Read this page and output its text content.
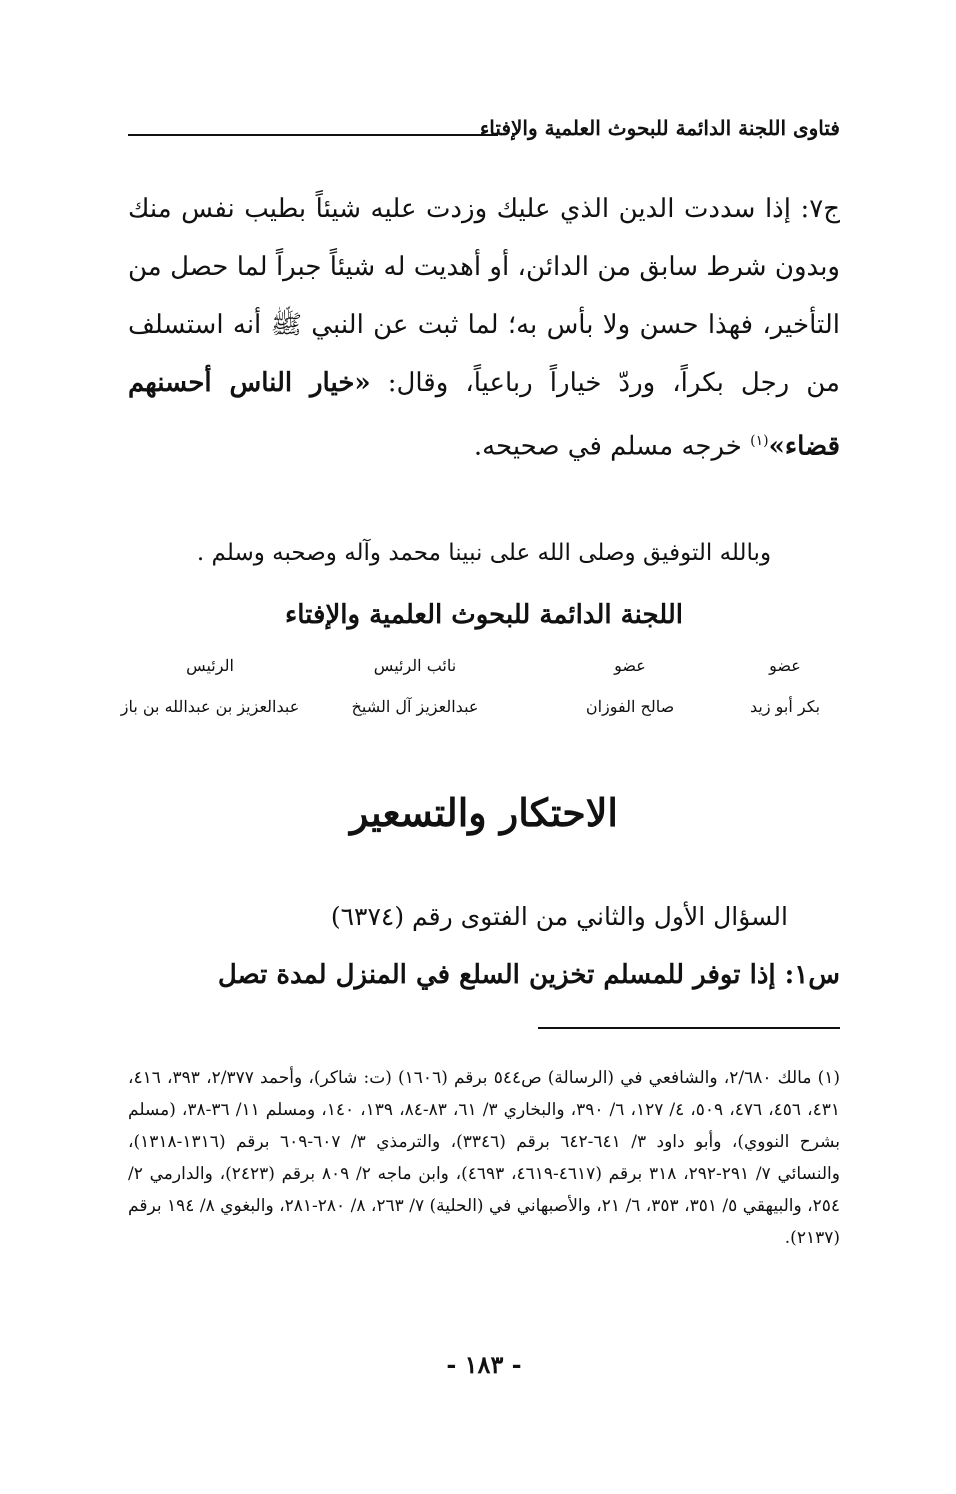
فتاوى اللجنة الدائمة للبحوث العلمية والإفتاء

ج٧: إذا سددت الدين الذي عليك وزدت عليه شيئاً بطيب نفس منك وبدون شرط سابق من الدائن، أو أهديت له شيئاً جبراً لما حصل من التأخير، فهذا حسن ولا بأس به؛ لما ثبت عن النبي ﷺ أنه استسلف من رجل بكراً، وردّ خياراً رباعياً، وقال: «خيار الناس أحسنهم قضاء»$^{(١)}$ خرجه مسلم في صحيحه.

وبالله التوفيق وصلى الله على نبينا محمد وآله وصحبه وسلم .
اللجنة الدائمة للبحوث العلمية والإفتاء
عضو
عضو
نائب الرئيس
الرئيس
بكر أبو زيد
صالح الفوزان
عبدالعزيز آل الشيخ
عبدالعزيز بن عبدالله بن باز
الاحتكار والتسعير
السؤال الأول والثاني من الفتوى رقم (٦٣٧٤)
س١: إذا توفر للمسلم تخزين السلع في المنزل لمدة تصل
(١) مالك ٢/٦٨٠، والشافعي في (الرسالة) ص٥٤٤ برقم (١٦٠٦) (ت: شاكر)، وأحمد ٢/٣٧٧، ٣٩٣، ٤١٦، ٤٣١، ٤٥٦، ٤٧٦، ٥٠٩، ٤/ ١٢٧، ٦/ ٣٩٠، والبخاري ٣/ ٦١، ٨٣-٨٤، ١٣٩، ١٤٠، ومسلم ١١/ ٣٦-٣٨، (مسلم بشرح النووي)، وأبو داود ٣/ ٦٤١-٦٤٢ برقم (٣٣٤٦)، والترمذي ٣/ ٦٠٧-٦٠٩ برقم (١٣١٦-١٣١٨)، والنسائي ٧/ ٢٩١-٢٩٢، ٣١٨ برقم (٤٦١٧-٤٦١٩، ٤٦٩٣)، وابن ماجه ٢/ ٨٠٩ برقم (٢٤٢٣)، والدارمي ٢/ ٢٥٤، والبيهقي ٥/ ٣٥١، ٣٥٣، ٦/ ٢١، والأصبهاني في (الحلية) ٧/ ٢٦٣، ٨/ ٢٨٠-٢٨١، والبغوي ٨/ ١٩٤ برقم (٢١٣٧).
- ١٨٣ -
